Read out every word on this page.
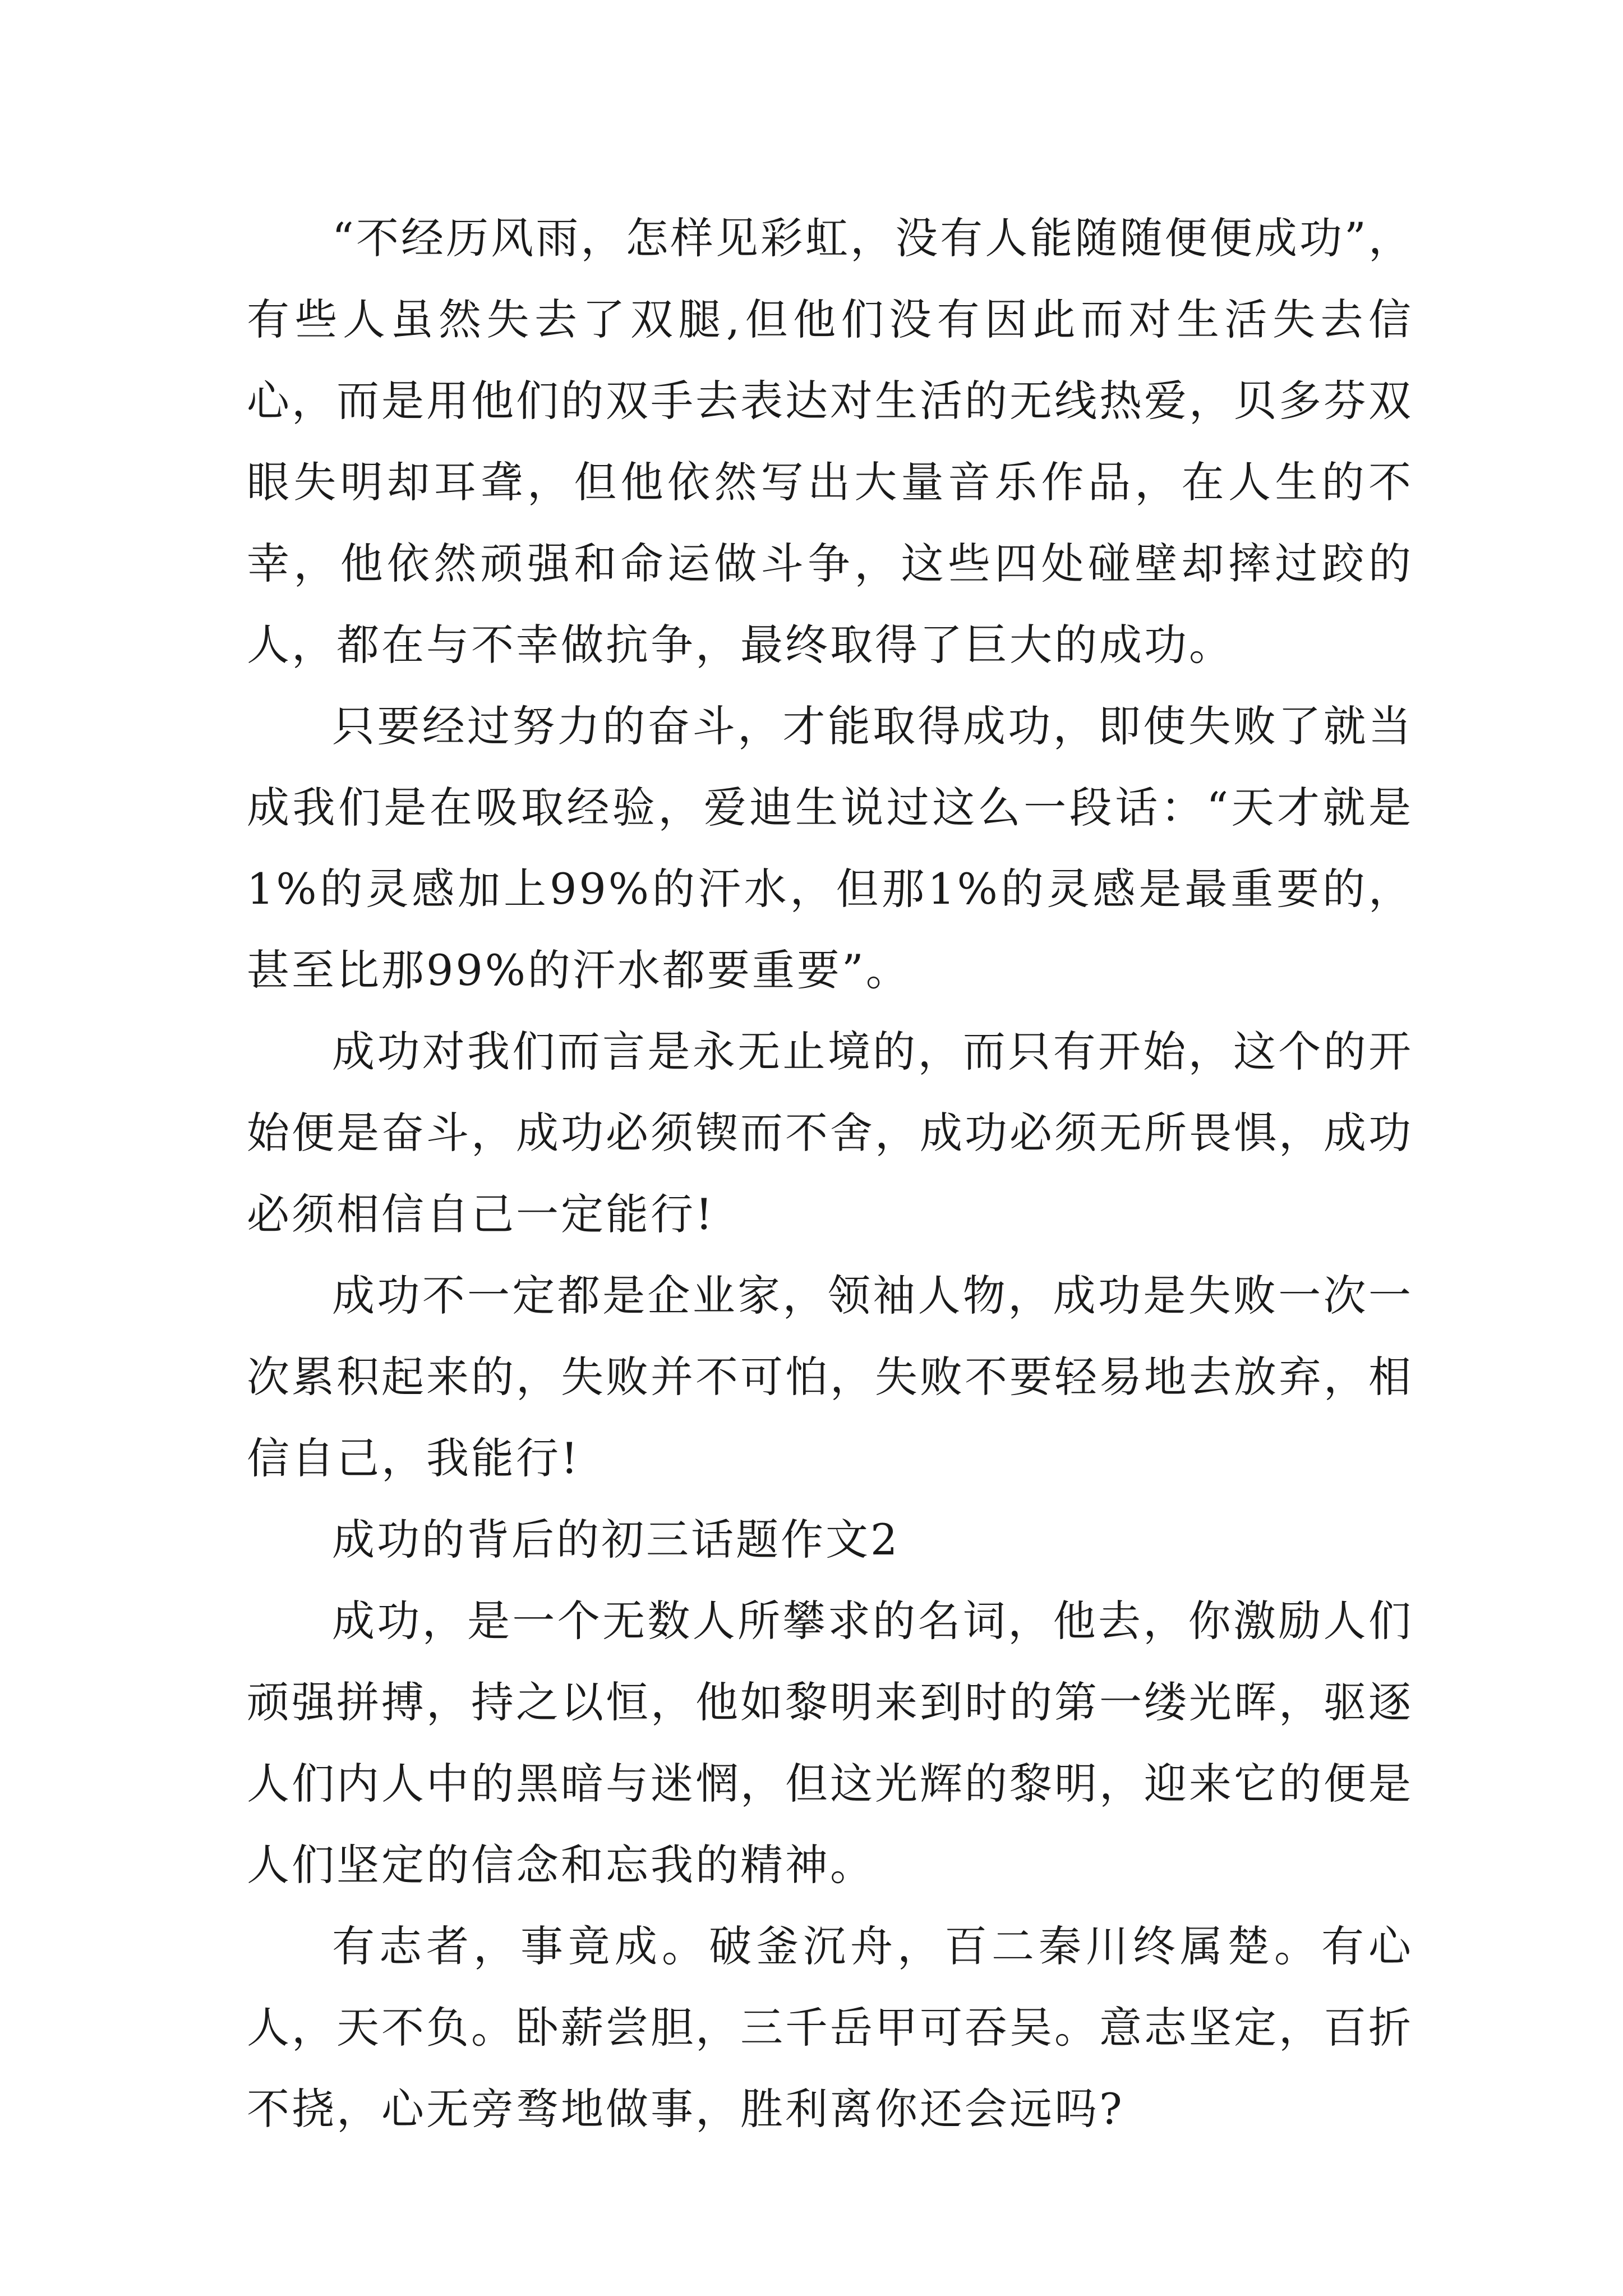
“不经历风雨，怎样见彩虹，没有人能随随便便成功”，有些人虽然失去了双腿,但他们没有因此而对生活失去信心，而是用他们的双手去表达对生活的无线热爱，贝多芬双眼失明却耳聋，但他依然写出大量音乐作品，在人生的不幸，他依然顽强和命运做斗争，这些四处碰壁却摔过跤的人，都在与不幸做抗争，最终取得了巨大的成功。

只要经过努力的奋斗，才能取得成功，即使失败了就当成我们是在吸取经验，爱迪生说过这么一段话：“天才就是1%的灵感加上99%的汗水，但那1%的灵感是最重要的，甚至比那99%的汗水都要重要”。

成功对我们而言是永无止境的，而只有开始，这个的开始便是奋斗，成功必须锲而不舍，成功必须无所畏惧，成功必须相信自己一定能行!

成功不一定都是企业家，领袖人物，成功是失败一次一次累积起来的，失败并不可怕，失败不要轻易地去放弃，相信自己，我能行!

成功的背后的初三话题作文2

成功，是一个无数人所攀求的名词，他去，你激励人们顽强拼搏，持之以恒，他如黎明来到时的第一缕光晖，驱逐人们内人中的黑暗与迷惘，但这光辉的黎明，迎来它的便是人们坚定的信念和忘我的精神。

有志者，事竟成。破釜沉舟，百二秦川终属楚。有心人，天不负。卧薪尝胆，三千岳甲可吞吴。意志坚定，百折不挠，心无旁骛地做事，胜利离你还会远吗?
